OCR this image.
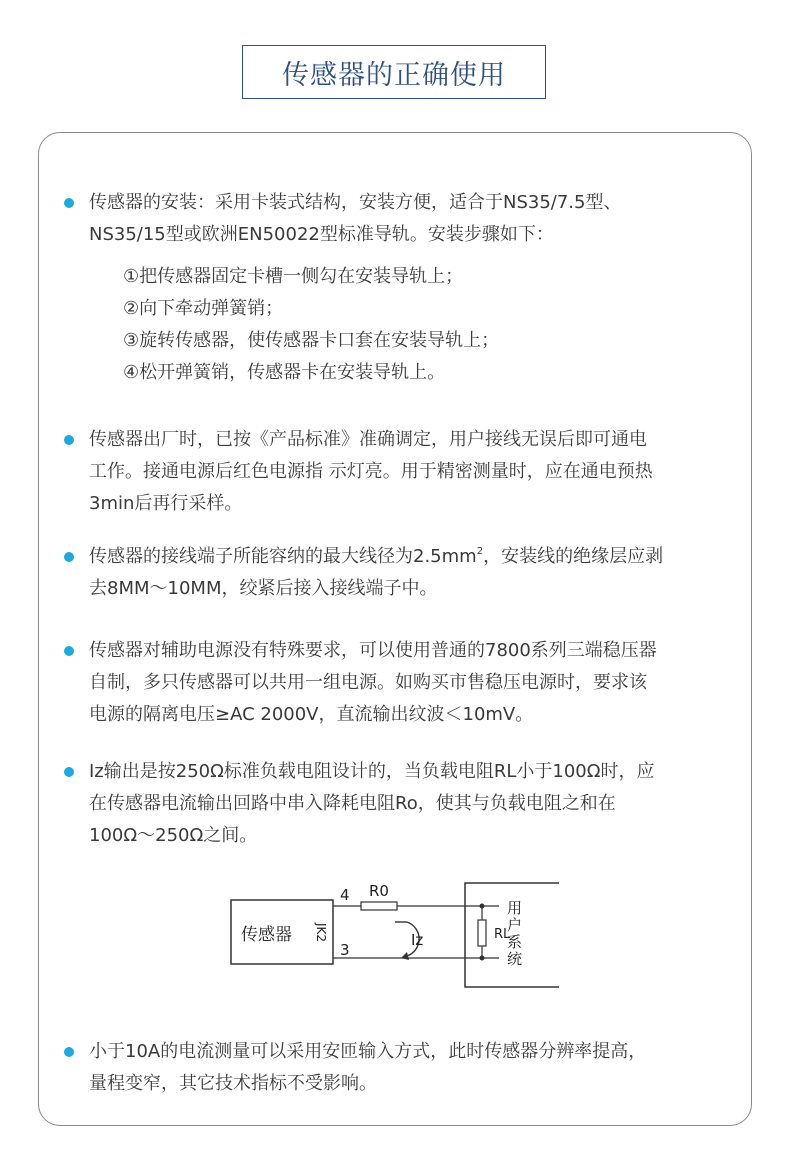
传感器的正确使用
传感器的安装：采用卡装式结构，安装方便，适合于NS35/7.5型、
NS35/15型或欧洲EN50022型标准导轨。安装步骤如下：
①把传感器固定卡槽一侧勾在安装导轨上；
②向下牵动弹簧销；
③旋转传感器，使传感器卡口套在安装导轨上；
④松开弹簧销，传感器卡在安装导轨上。
传感器出厂时，已按《产品标准》准确调定，用户接线无误后即可通电
工作。接通电源后红色电源指 示灯亮。用于精密测量时，应在通电预热
3min后再行采样。
传感器的接线端子所能容纳的最大线径为$2.5mm^2$，安装线的绝缘层应剥
去8MM～10MM，绞紧后接入接线端子中。
传感器对辅助电源没有特殊要求，可以使用普通的7800系列三端稳压器
自制，多只传感器可以共用一组电源。如购买市售稳压电源时，要求该
电源的隔离电压≥AC 2000V，直流输出纹波＜10mV。
Iz输出是按250Ω标准负载电阻设计的，当负载电阻RL小于100Ω时，应
在传感器电流输出回路中串入降耗电阻Ro，使其与负载电阻之和在
100Ω～250Ω之间。
传感器 JK2
R0
4
3
Iz	RL
用户系统
小于10A的电流测量可以采用安匝输入方式，此时传感器分辨率提高，
量程变窄，其它技术指标不受影响。
